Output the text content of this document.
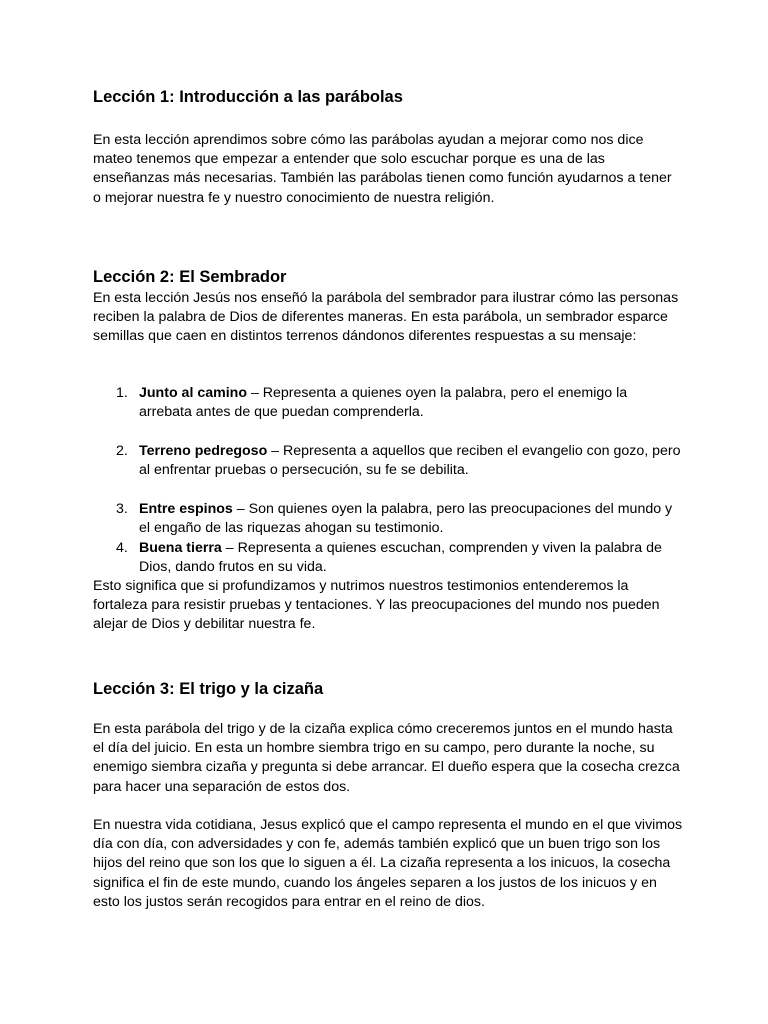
Lección 1: Introducción a las parábolas

En esta lección aprendimos sobre cómo las parábolas ayudan a mejorar como nos dice mateo tenemos que empezar a entender que solo escuchar porque es una de las enseñanzas más necesarias. También las parábolas tienen como función ayudarnos a tener o mejorar nuestra fe y nuestro conocimiento de nuestra religión.

Lección 2: El Sembrador

En esta lección Jesús nos enseñó la parábola del sembrador para ilustrar cómo las personas reciben la palabra de Dios de diferentes maneras. En esta parábola, un sembrador esparce semillas que caen en distintos terrenos dándonos diferentes respuestas a su mensaje:

1. Junto al camino – Representa a quienes oyen la palabra, pero el enemigo la arrebata antes de que puedan comprenderla.
2. Terreno pedregoso – Representa a aquellos que reciben el evangelio con gozo, pero al enfrentar pruebas o persecución, su fe se debilita.
3. Entre espinos – Son quienes oyen la palabra, pero las preocupaciones del mundo y el engaño de las riquezas ahogan su testimonio.
4. Buena tierra – Representa a quienes escuchan, comprenden y viven la palabra de Dios, dando frutos en su vida.

Esto significa que si profundizamos y nutrimos nuestros testimonios entenderemos la fortaleza para resistir pruebas y tentaciones. Y las preocupaciones del mundo nos pueden alejar de Dios y debilitar nuestra fe.

Lección 3: El trigo y la cizaña

En esta parábola del trigo y de la cizaña explica cómo creceremos juntos en el mundo hasta el día del juicio. En esta un hombre siembra trigo en su campo, pero durante la noche, su enemigo siembra cizaña y pregunta si debe arrancar. El dueño espera que la cosecha crezca para hacer una separación de estos dos.

En nuestra vida cotidiana, Jesus explicó que el campo representa el mundo en el que vivimos día con día, con adversidades y con fe, además también explicó que un buen trigo son los hijos del reino que son los que lo siguen a él. La cizaña representa a los inicuos, la cosecha significa el fin de este mundo, cuando los ángeles separen a los justos de los inicuos y en esto los justos serán recogidos para entrar en el reino de dios.
